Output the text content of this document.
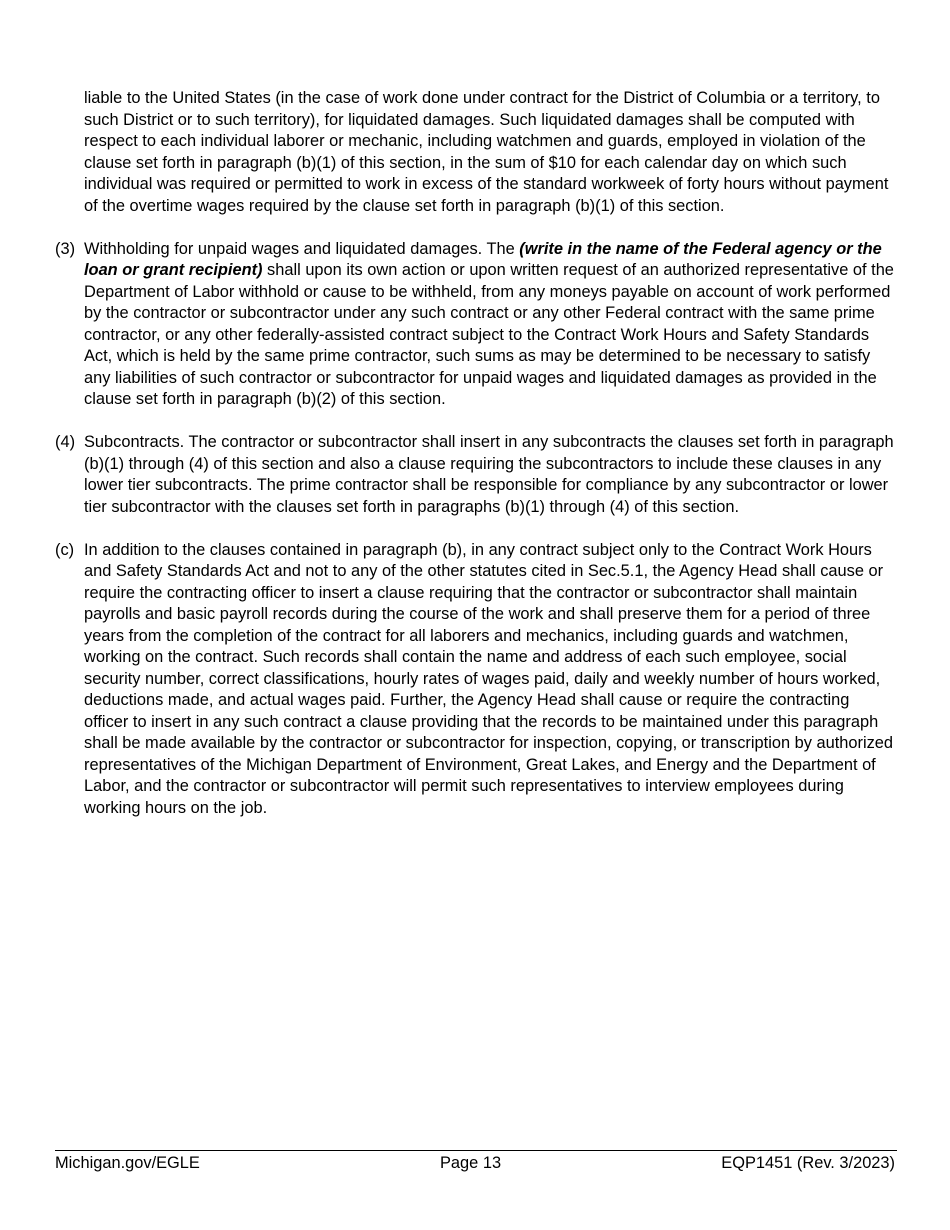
liable to the United States (in the case of work done under contract for the District of Columbia or a territory, to such District or to such territory), for liquidated damages. Such liquidated damages shall be computed with respect to each individual laborer or mechanic, including watchmen and guards, employed in violation of the clause set forth in paragraph (b)(1) of this section, in the sum of $10 for each calendar day on which such individual was required or permitted to work in excess of the standard workweek of forty hours without payment of the overtime wages required by the clause set forth in paragraph (b)(1) of this section.

(3) Withholding for unpaid wages and liquidated damages. The (write in the name of the Federal agency or the loan or grant recipient) shall upon its own action or upon written request of an authorized representative of the Department of Labor withhold or cause to be withheld, from any moneys payable on account of work performed by the contractor or subcontractor under any such contract or any other Federal contract with the same prime contractor, or any other federally-assisted contract subject to the Contract Work Hours and Safety Standards Act, which is held by the same prime contractor, such sums as may be determined to be necessary to satisfy any liabilities of such contractor or subcontractor for unpaid wages and liquidated damages as provided in the clause set forth in paragraph (b)(2) of this section.

(4) Subcontracts. The contractor or subcontractor shall insert in any subcontracts the clauses set forth in paragraph (b)(1) through (4) of this section and also a clause requiring the subcontractors to include these clauses in any lower tier subcontracts. The prime contractor shall be responsible for compliance by any subcontractor or lower tier subcontractor with the clauses set forth in paragraphs (b)(1) through (4) of this section.

(c) In addition to the clauses contained in paragraph (b), in any contract subject only to the Contract Work Hours and Safety Standards Act and not to any of the other statutes cited in Sec.5.1, the Agency Head shall cause or require the contracting officer to insert a clause requiring that the contractor or subcontractor shall maintain payrolls and basic payroll records during the course of the work and shall preserve them for a period of three years from the completion of the contract for all laborers and mechanics, including guards and watchmen, working on the contract. Such records shall contain the name and address of each such employee, social security number, correct classifications, hourly rates of wages paid, daily and weekly number of hours worked, deductions made, and actual wages paid. Further, the Agency Head shall cause or require the contracting officer to insert in any such contract a clause providing that the records to be maintained under this paragraph shall be made available by the contractor or subcontractor for inspection, copying, or transcription by authorized representatives of the Michigan Department of Environment, Great Lakes, and Energy and the Department of Labor, and the contractor or subcontractor will permit such representatives to interview employees during working hours on the job.

Michigan.gov/EGLE	Page 13	EQP1451 (Rev. 3/2023)
